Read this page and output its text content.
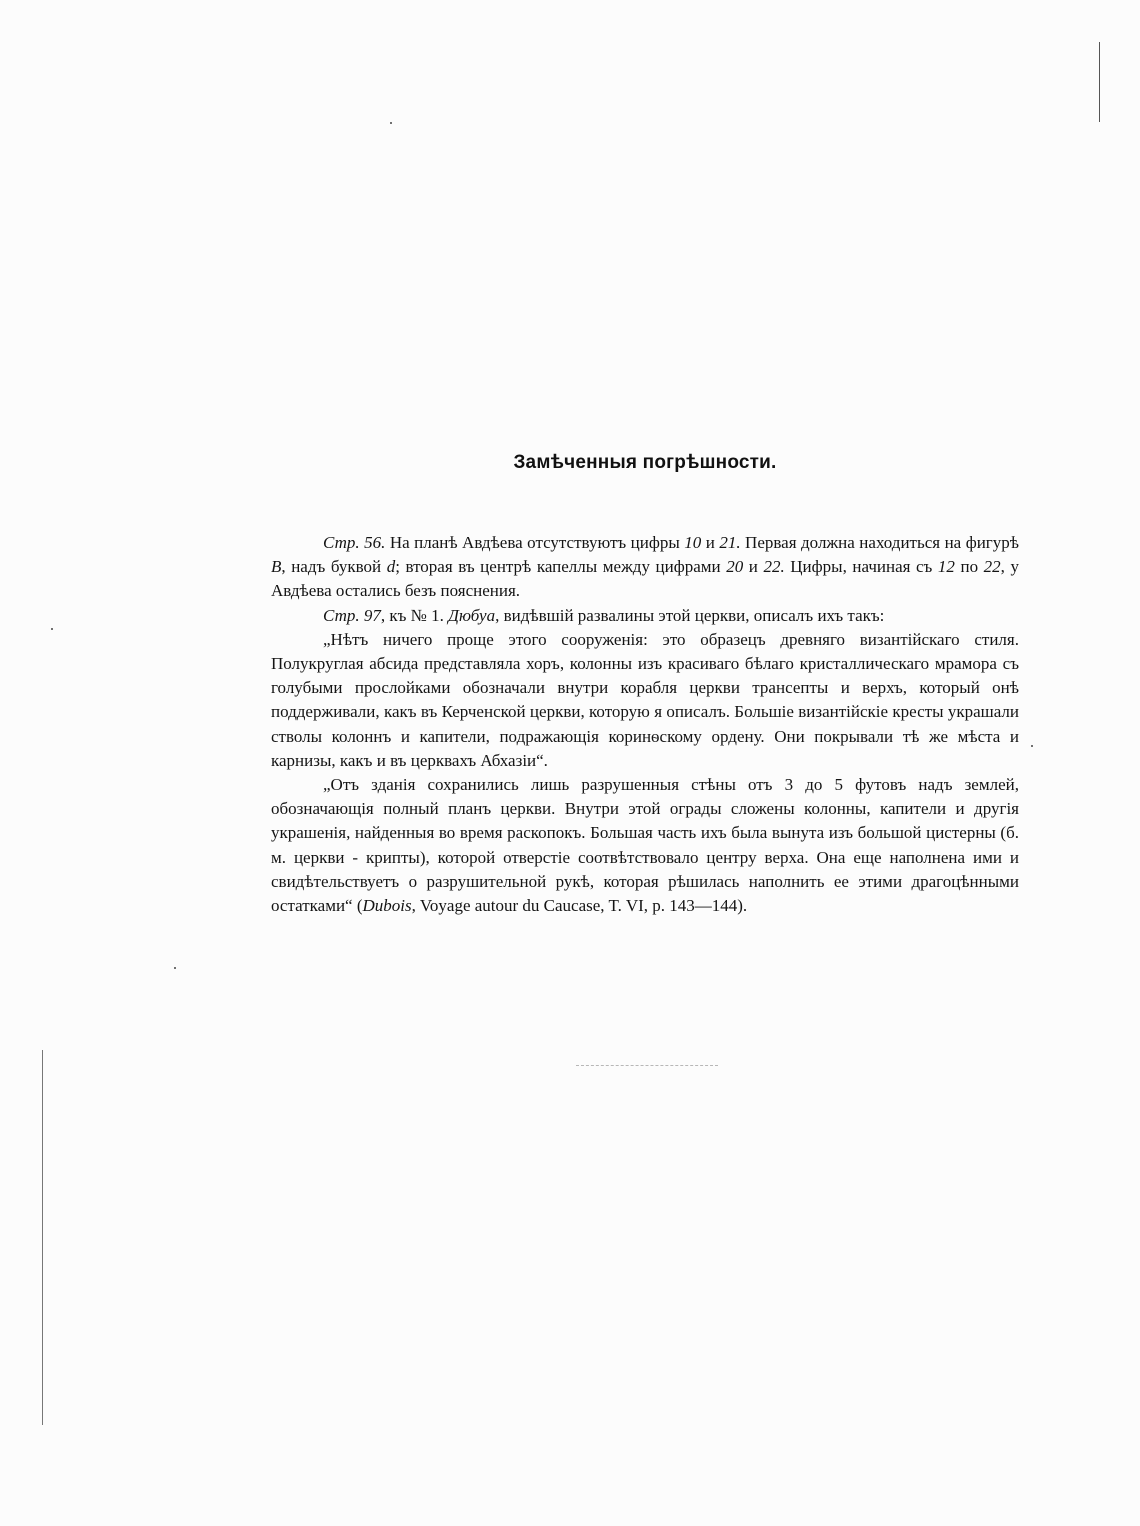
Замѣченныя погрѣшности.

Стр. 56. На планѣ Авдѣева отсутствуютъ цифры 10 и 21. Первая должна находиться на фигурѣ B, надъ буквой d; вторая въ центрѣ капеллы между цифрами 20 и 22. Цифры, начиная съ 12 по 22, у Авдѣева остались безъ пояснения.

Стр. 97, къ № 1. Дюбуа, видѣвшій развалины этой церкви, описалъ ихъ такъ:

„Нѣтъ ничего проще этого сооруженія: это образецъ древняго византійскаго стиля. Полукруглая абсида представляла хоръ, колонны изъ красиваго бѣлаго кристаллическаго мрамора съ голубыми прослойками обозначали внутри корабля церкви трансепты и верхъ, который онѣ поддерживали, какъ въ Керченской церкви, которую я описалъ. Большіе византійскіе кресты украшали стволы колоннъ и капители, подражающія коринѳскому ордену. Они покрывали тѣ же мѣста и карнизы, какъ и въ церквахъ Абхазіи“.

„Отъ зданія сохранились лишь разрушенныя стѣны отъ 3 до 5 футовъ надъ землей, обозначающія полный планъ церкви. Внутри этой ограды сложены колонны, капители и другія украшенія, найденныя во время раскопокъ. Большая часть ихъ была вынута изъ большой цистерны (б. м. церкви - крипты), которой отверстіе соотвѣтствовало центру верха. Она еще наполнена ими и свидѣтельствуетъ о разрушительной рукѣ, которая рѣшилась наполнить ее этими драгоцѣнными остатками“ (Dubois, Voyage autour du Caucase, T. VI, p. 143—144).
